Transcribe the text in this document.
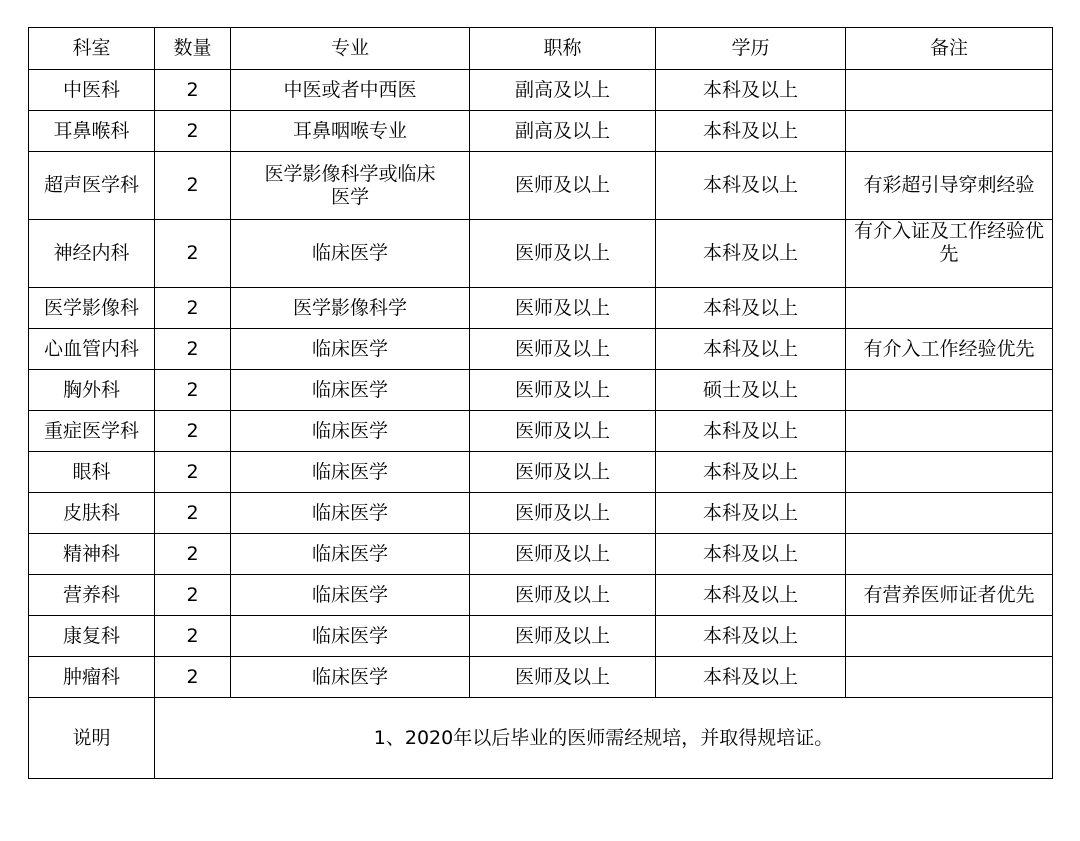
科室	数量	专业	职称	学历	备注
中医科	2	中医或者中西医	副高及以上	本科及以上	
耳鼻喉科	2	耳鼻咽喉专业	副高及以上	本科及以上	
超声医学科	2	医学影像科学或临床医学	医师及以上	本科及以上	有彩超引导穿刺经验
神经内科	2	临床医学	医师及以上	本科及以上	有介入证及工作经验优先
医学影像科	2	医学影像科学	医师及以上	本科及以上	
心血管内科	2	临床医学	医师及以上	本科及以上	有介入工作经验优先
胸外科	2	临床医学	医师及以上	硕士及以上	
重症医学科	2	临床医学	医师及以上	本科及以上	
眼科	2	临床医学	医师及以上	本科及以上	
皮肤科	2	临床医学	医师及以上	本科及以上	
精神科	2	临床医学	医师及以上	本科及以上	
营养科	2	临床医学	医师及以上	本科及以上	有营养医师证者优先
康复科	2	临床医学	医师及以上	本科及以上	
肿瘤科	2	临床医学	医师及以上	本科及以上	
说明	1、2020年以后毕业的医师需经规培，并取得规培证。				
